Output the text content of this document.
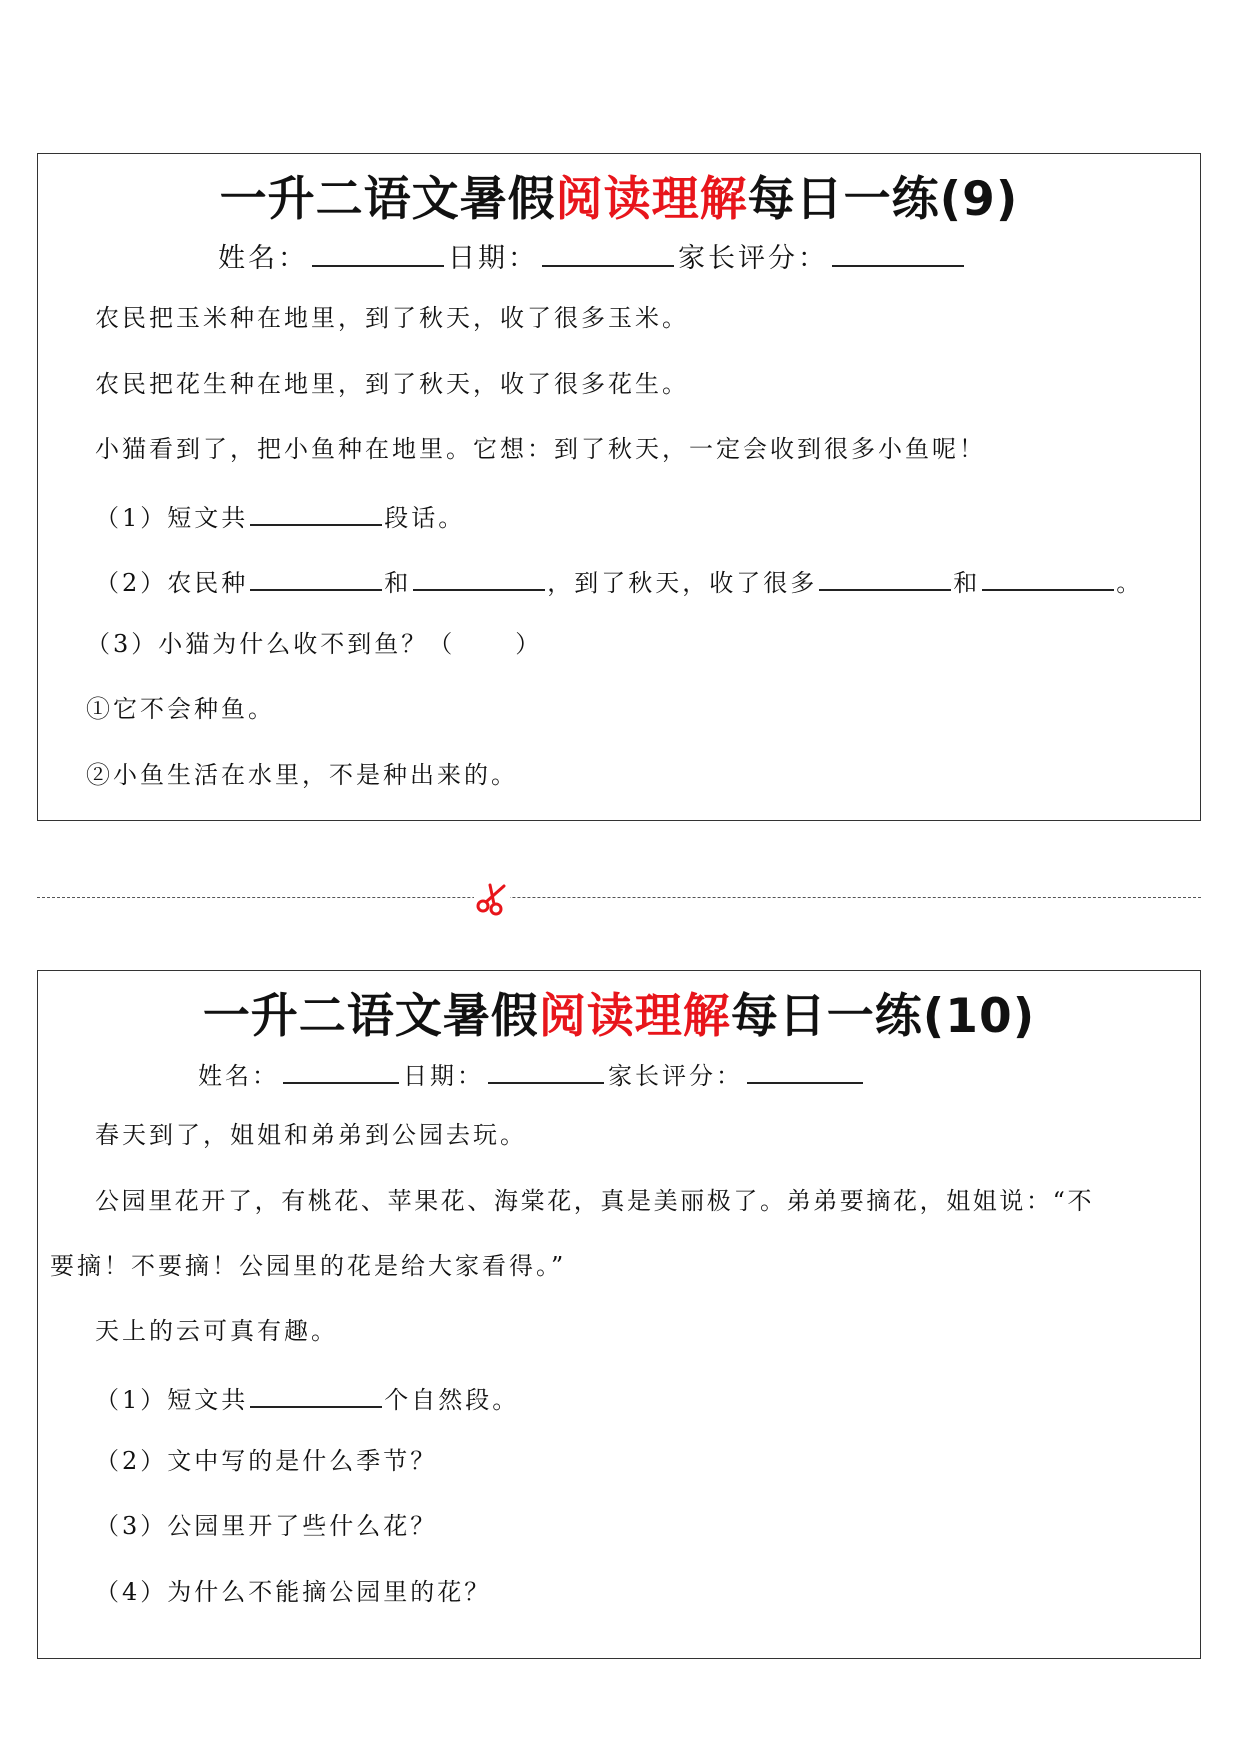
一升二语文暑假阅读理解每日一练(9)
姓名：	日期：	家长评分：
农民把玉米种在地里，到了秋天，收了很多玉米。
农民把花生种在地里，到了秋天，收了很多花生。
小猫看到了，把小鱼种在地里。它想：到了秋天，一定会收到很多小鱼呢！
（1）短文共	段话。
（2）农民种	和	，到了秋天，收了很多	和	。
（3）小猫为什么收不到鱼？（	）
①它不会种鱼。
②小鱼生活在水里，不是种出来的。
一升二语文暑假阅读理解每日一练(10)
姓名：	日期：	家长评分：
春天到了，姐姐和弟弟到公园去玩。
公园里花开了，有桃花、苹果花、海棠花，真是美丽极了。弟弟要摘花，姐姐说：“不
要摘！不要摘！公园里的花是给大家看得。”
天上的云可真有趣。
（1）短文共	个自然段。
（2）文中写的是什么季节？
（3）公园里开了些什么花？
（4）为什么不能摘公园里的花？
